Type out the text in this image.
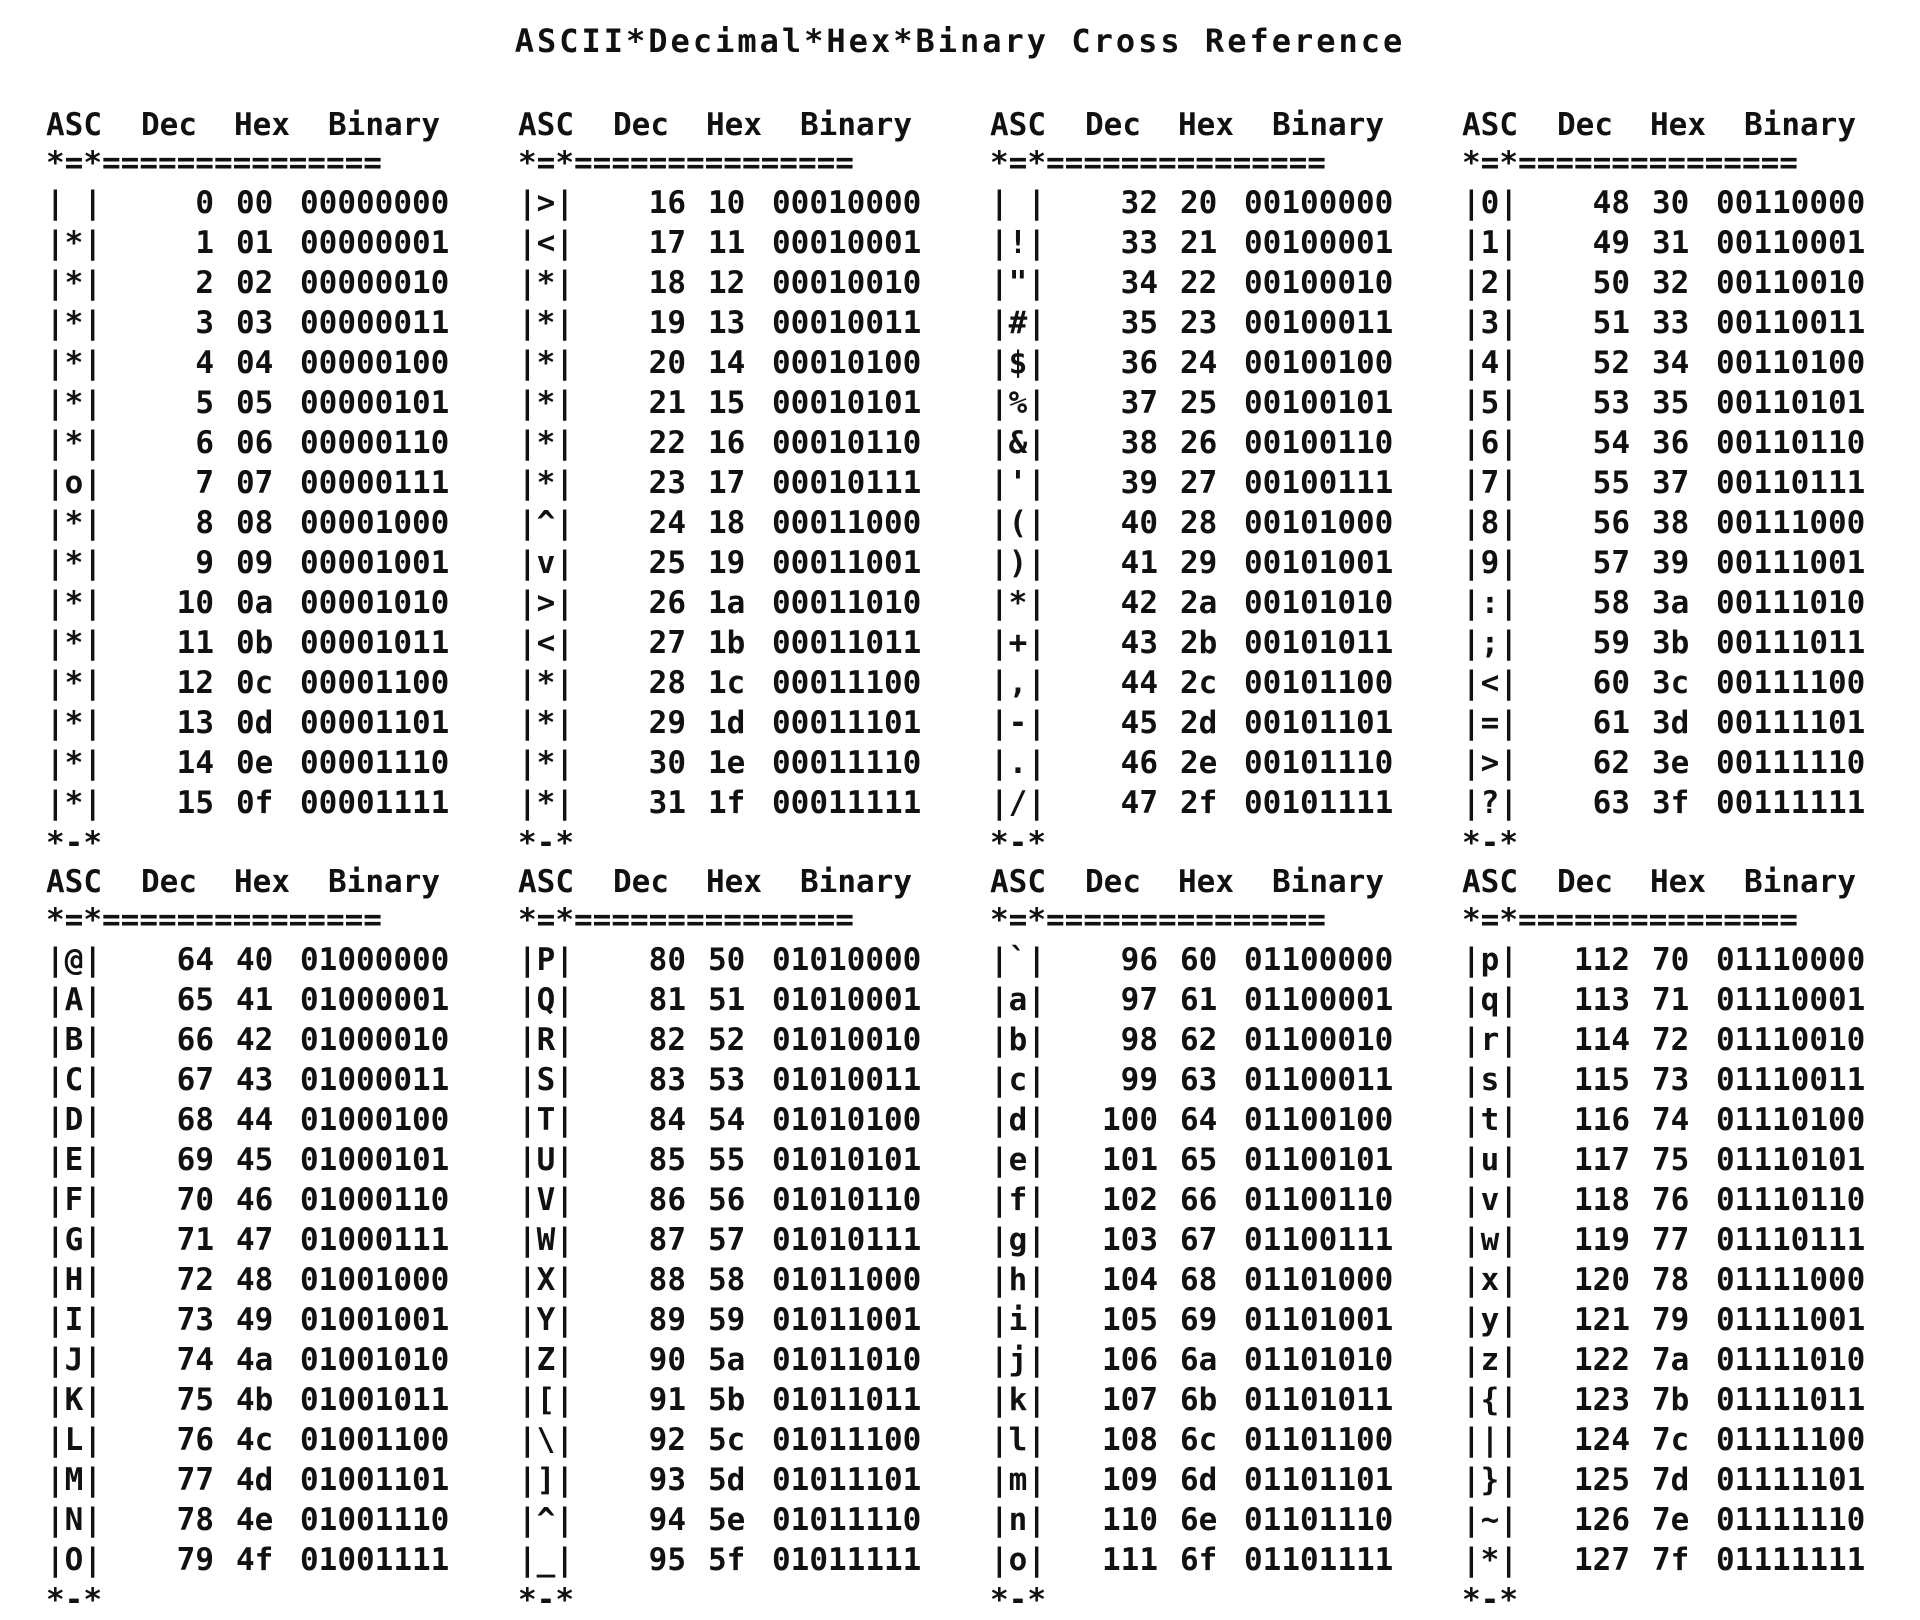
ASCII*Decimal*Hex*Binary Cross Reference
ASC Dec Hex Binary
*=*===============
| |	0 00 00000000
|*|	1 01 00000001
|*|	2 02 00000010
|*|	3 03 00000011
|*|	4 04 00000100
|*|	5 05 00000101
|*|	6 06 00000110
|o|	7 07 00000111
|*|	8 08 00001000
|*|	9 09 00001001
|*|	10 0a 00001010
|*|	11 0b 00001011
|*|	12 0c 00001100
|*|	13 0d 00001101
|*|	14 0e 00001110
|*|	15 0f 00001111
*-*
ASC Dec Hex Binary
*=*===============
|>|	16 10 00010000
|<|	17 11 00010001
|*|	18 12 00010010
|*|	19 13 00010011
|*|	20 14 00010100
|*|	21 15 00010101
|*|	22 16 00010110
|*|	23 17 00010111
|^|	24 18 00011000
|v|	25 19 00011001
|>|	26 1a 00011010
|<|	27 1b 00011011
|*|	28 1c 00011100
|*|	29 1d 00011101
|*|	30 1e 00011110
|*|	31 1f 00011111
*-*
ASC Dec Hex Binary
*=*===============
| |	32 20 00100000
|!|	33 21 00100001
|"|	34 22 00100010
|#|	35 23 00100011
|$|	36 24 00100100
|%|	37 25 00100101
|&|	38 26 00100110
|'|	39 27 00100111
|(|	40 28 00101000
|)|	41 29 00101001
|*|	42 2a 00101010
|+|	43 2b 00101011
|,|	44 2c 00101100
|-|	45 2d 00101101
|.|	46 2e 00101110
|/|	47 2f 00101111
*-*
ASC Dec Hex Binary
*=*===============
|0|	48 30 00110000
|1|	49 31 00110001
|2|	50 32 00110010
|3|	51 33 00110011
|4|	52 34 00110100
|5|	53 35 00110101
|6|	54 36 00110110
|7|	55 37 00110111
|8|	56 38 00111000
|9|	57 39 00111001
|:|	58 3a 00111010
|;|	59 3b 00111011
|<|	60 3c 00111100
|=|	61 3d 00111101
|>|	62 3e 00111110
|?|	63 3f 00111111
*-*
ASC Dec Hex Binary
*=*===============
|@|	64 40 01000000
|A|	65 41 01000001
|B|	66 42 01000010
|C|	67 43 01000011
|D|	68 44 01000100
|E|	69 45 01000101
|F|	70 46 01000110
|G|	71 47 01000111
|H|	72 48 01001000
|I|	73 49 01001001
|J|	74 4a 01001010
|K|	75 4b 01001011
|L|	76 4c 01001100
|M|	77 4d 01001101
|N|	78 4e 01001110
|O|	79 4f 01001111
*-*
ASC Dec Hex Binary
*=*===============
|P|	80 50 01010000
|Q|	81 51 01010001
|R|	82 52 01010010
|S|	83 53 01010011
|T|	84 54 01010100
|U|	85 55 01010101
|V|	86 56 01010110
|W|	87 57 01010111
|X|	88 58 01011000
|Y|	89 59 01011001
|Z|	90 5a 01011010
|[|	91 5b 01011011
|\|	92 5c 01011100
|]|	93 5d 01011101
|^|	94 5e 01011110
|_|	95 5f 01011111
*-*
ASC Dec Hex Binary
*=*===============
|`|	96 60 01100000
|a|	97 61 01100001
|b|	98 62 01100010
|c|	99 63 01100011
|d|	100 64 01100100
|e|	101 65 01100101
|f|	102 66 01100110
|g|	103 67 01100111
|h|	104 68 01101000
|i|	105 69 01101001
|j|	106 6a 01101010
|k|	107 6b 01101011
|l|	108 6c 01101100
|m|	109 6d 01101101
|n|	110 6e 01101110
|o|	111 6f 01101111
*-*
ASC Dec Hex Binary
*=*===============
|p|	112 70 01110000
|q|	113 71 01110001
|r|	114 72 01110010
|s|	115 73 01110011
|t|	116 74 01110100
|u|	117 75 01110101
|v|	118 76 01110110
|w|	119 77 01110111
|x|	120 78 01111000
|y|	121 79 01111001
|z|	122 7a 01111010
|{|	123 7b 01111011
|||	124 7c 01111100
|}|	125 7d 01111101
|~|	126 7e 01111110
|*|	127 7f 01111111
*-*
